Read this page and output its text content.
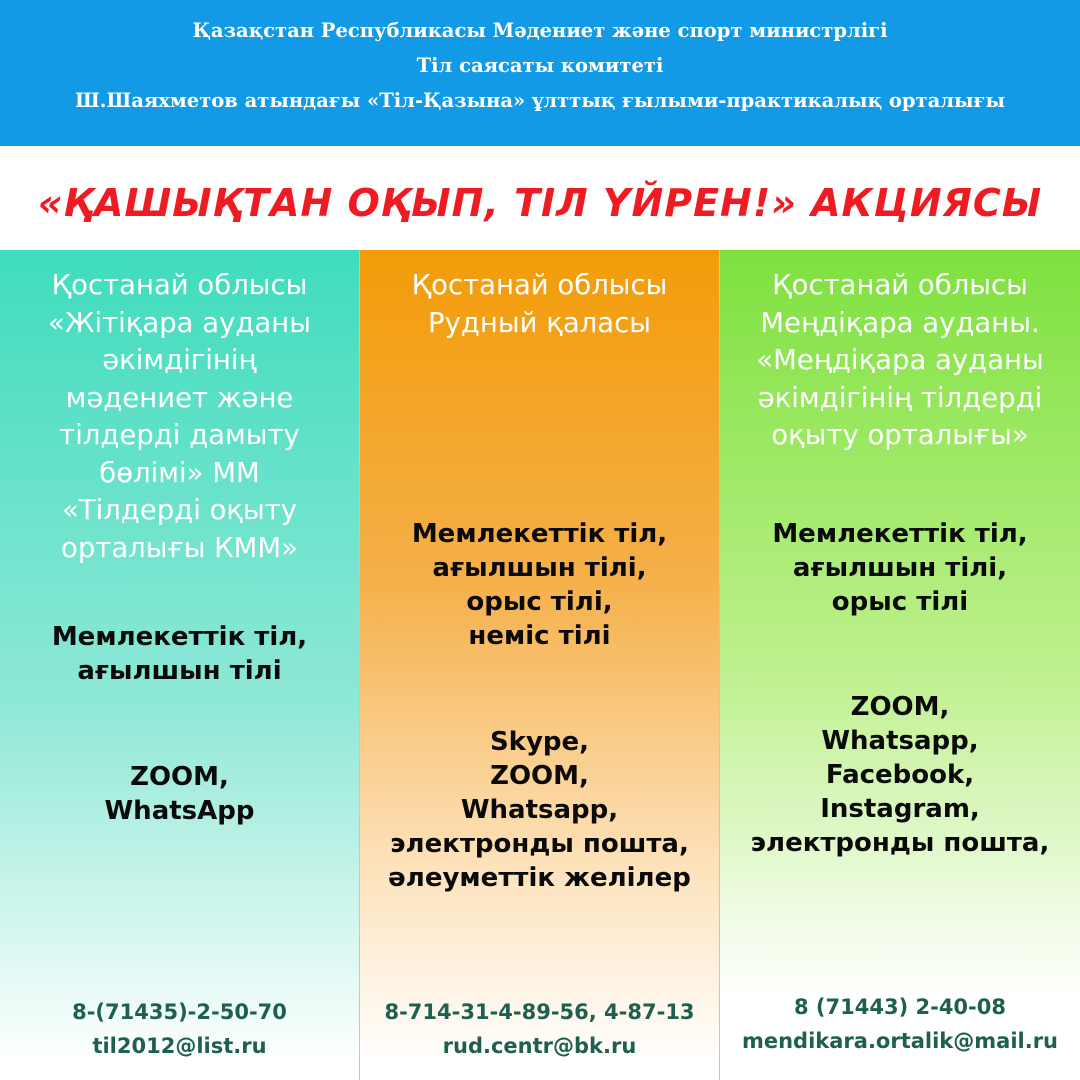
Қазақстан Республикасы Мәдениет және спорт министрлігі
Тіл саясаты комитеті
Ш.Шаяхметов атындағы «Тіл-Қазына» ұлттық ғылыми-практикалық орталығы
«ҚАШЫҚТАН ОҚЫП, ТІЛ ҮЙРЕН!» АКЦИЯСЫ
Қостанай облысы
«Жітіқара ауданы
әкімдігінің
мәдениет және
тілдерді дамыту
бөлімі» ММ
«Тілдерді оқыту
орталығы КММ»
Мемлекеттік тіл,
ағылшын тілі
ZOOM,
WhatsApp
8-(71435)-2-50-70
til2012@list.ru
Қостанай облысы
Рудный қаласы
Мемлекеттік тіл,
ағылшын тілі,
орыс тілі,
неміс тілі
Skype,
ZOOM,
Whatsapp,
электронды пошта,
әлеуметтік желілер
8-714-31-4-89-56, 4-87-13
rud.centr@bk.ru
Қостанай облысы
Меңдіқара ауданы.
«Меңдіқара ауданы
әкімдігінің тілдерді
оқыту орталығы»
Мемлекеттік тіл,
ағылшын тілі,
орыс тілі
ZOOM,
Whatsapp,
Facebook,
Instagram,
электронды пошта,
8 (71443) 2-40-08
mendikara.ortalik@mail.ru
